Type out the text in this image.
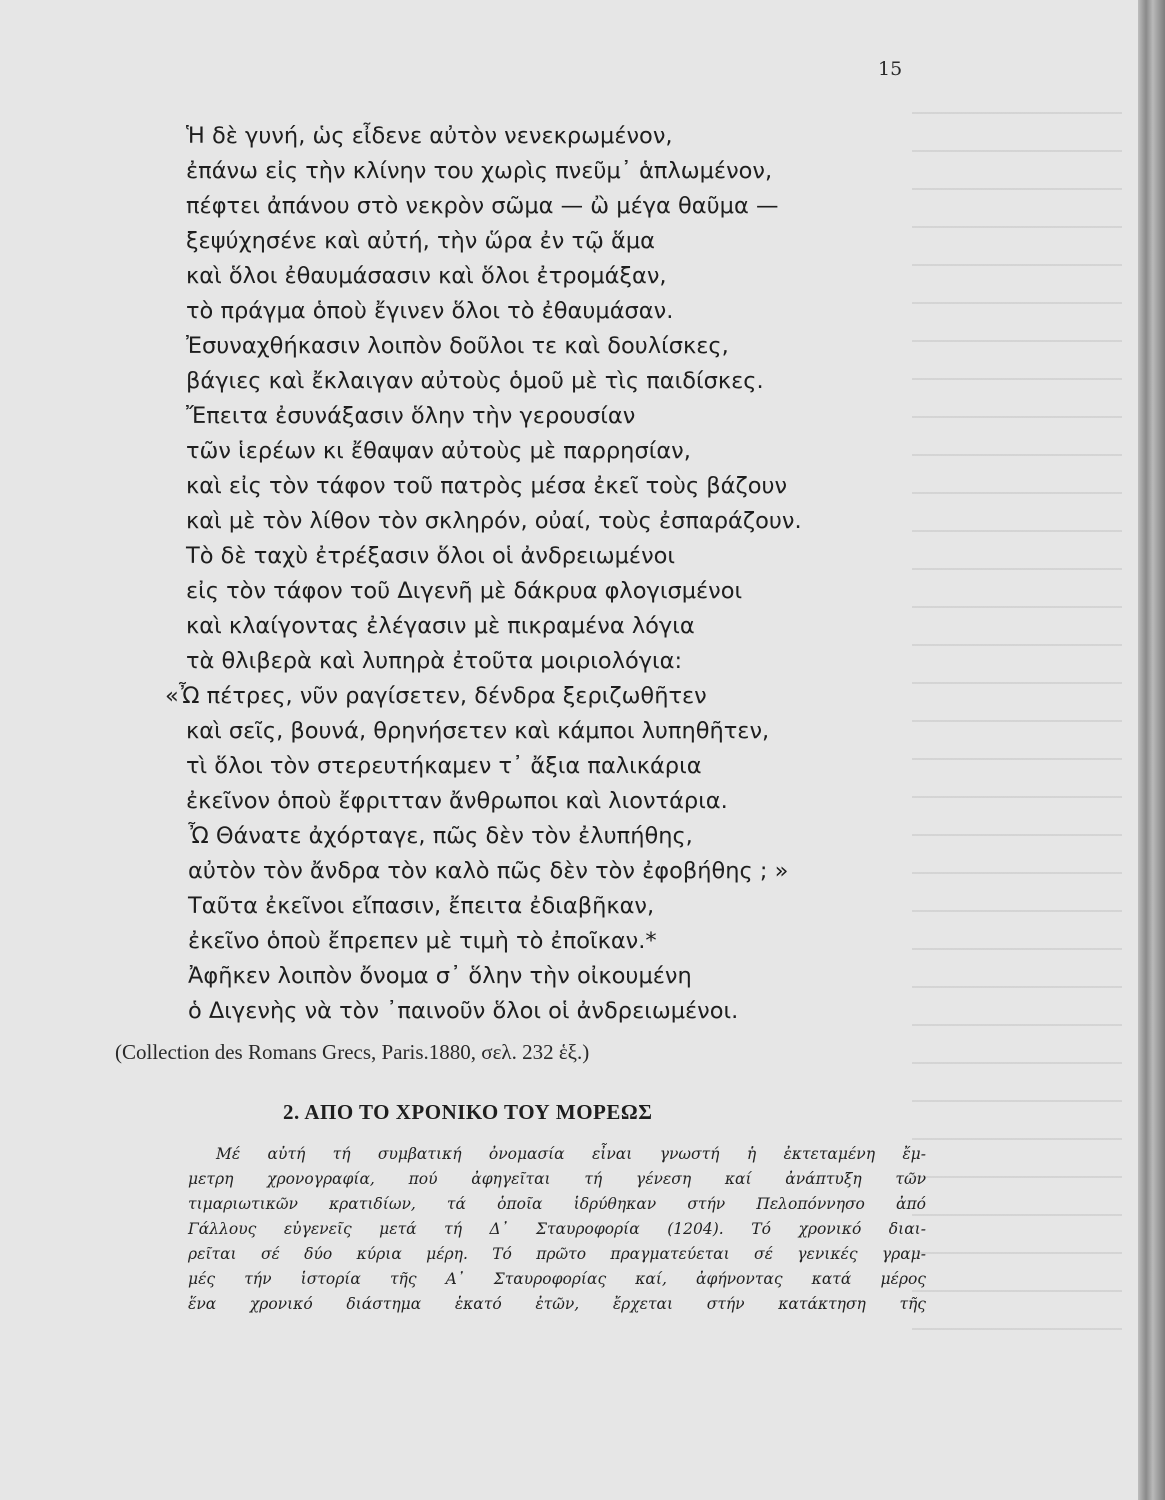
15
Ἡ δὲ γυνή, ὡς εἶδενε αὐτὸν νενεκρωμένον,
ἐπάνω εἰς τὴν κλίνην του χωρὶς πνεῦμ᾽ ἁπλωμένον,
πέφτει ἀπάνου στὸ νεκρὸν σῶμα — ὢ μέγα θαῦμα —
ξεψύχησένε καὶ αὐτή, τὴν ὥρα ἐν τῷ ἅμα
καὶ ὅλοι ἐθαυμάσασιν καὶ ὅλοι ἐτρομάξαν,
τὸ πράγμα ὁποὺ ἔγινεν ὅλοι τὸ ἐθαυμάσαν.
Ἐσυναχθήκασιν λοιπὸν δοῦλοι τε καὶ δουλίσκες,
βάγιες καὶ ἔκλαιγαν αὐτοὺς ὁμοῦ μὲ τὶς παιδίσκες.
Ἔπειτα ἐσυνάξασιν ὅλην τὴν γερουσίαν
τῶν ἱερέων κι ἔθαψαν αὐτοὺς μὲ παρρησίαν,
καὶ εἰς τὸν τάφον τοῦ πατρὸς μέσα ἐκεῖ τοὺς βάζουν
καὶ μὲ τὸν λίθον τὸν σκληρόν, οὐαί, τοὺς ἐσπαράζουν.
Τὸ δὲ ταχὺ ἐτρέξασιν ὅλοι οἱ ἀνδρειωμένοι
εἰς τὸν τάφον τοῦ Διγενῆ μὲ δάκρυα φλογισμένοι
καὶ κλαίγοντας ἐλέγασιν μὲ πικραμένα λόγια
τὰ θλιβερὰ καὶ λυπηρὰ ἐτοῦτα μοιριολόγια:
«Ὦ πέτρες, νῦν ραγίσετεν, δένδρα ξεριζωθῆτεν
καὶ σεῖς, βουνά, θρηνήσετεν καὶ κάμποι λυπηθῆτεν,
τὶ ὅλοι τὸν στερευτήκαμεν τ᾽ ἄξια παλικάρια
ἐκεῖνον ὁποὺ ἔφριτταν ἄνθρωποι καὶ λιοντάρια.
Ὦ Θάνατε ἀχόρταγε, πῶς δὲν τὸν ἐλυπήθης,
αὐτὸν τὸν ἄνδρα τὸν καλὸ πῶς δὲν τὸν ἐφοβήθης ; »
Ταῦτα ἐκεῖνοι εἴπασιν, ἔπειτα ἐδιαβῆκαν,
ἐκεῖνο ὁποὺ ἔπρεπεν μὲ τιμὴ τὸ ἐποῖκαν.*
Ἀφῆκεν λοιπὸν ὄνομα σ᾽ ὅλην τὴν οἰκουμένη
ὁ Διγενὴς νὰ τὸν ᾽παινοῦν ὅλοι οἱ ἀνδρειωμένοι.
(Collection des Romans Grecs, Paris.1880, σελ. 232 ἑξ.)
2. ΑΠΟ ΤΟ ΧΡΟΝΙΚΟ ΤΟΥ ΜΟΡΕΩΣ
Μέ αὐτή τή συμβατική ὀνομασία εἶναι γνωστή ἡ ἐκτεταμένη ἔμ-
μετρη χρονογραφία, πού ἀφηγεῖται τή γένεση καί ἀνάπτυξη τῶν
τιμαριωτικῶν κρατιδίων, τά ὁποῖα ἱδρύθηκαν στήν Πελοπόννησο ἀπό
Γάλλους εὐγενεῖς μετά τή Δ᾽ Σταυροφορία (1204). Τό χρονικό διαι-
ρεῖται σέ δύο κύρια μέρη. Τό πρῶτο πραγματεύεται σέ γενικές γραμ-
μές τήν ἱστορία τῆς Α᾽ Σταυροφορίας καί, ἀφήνοντας κατά μέρος
ἕνα χρονικό διάστημα ἑκατό ἐτῶν, ἔρχεται στήν κατάκτηση τῆς
